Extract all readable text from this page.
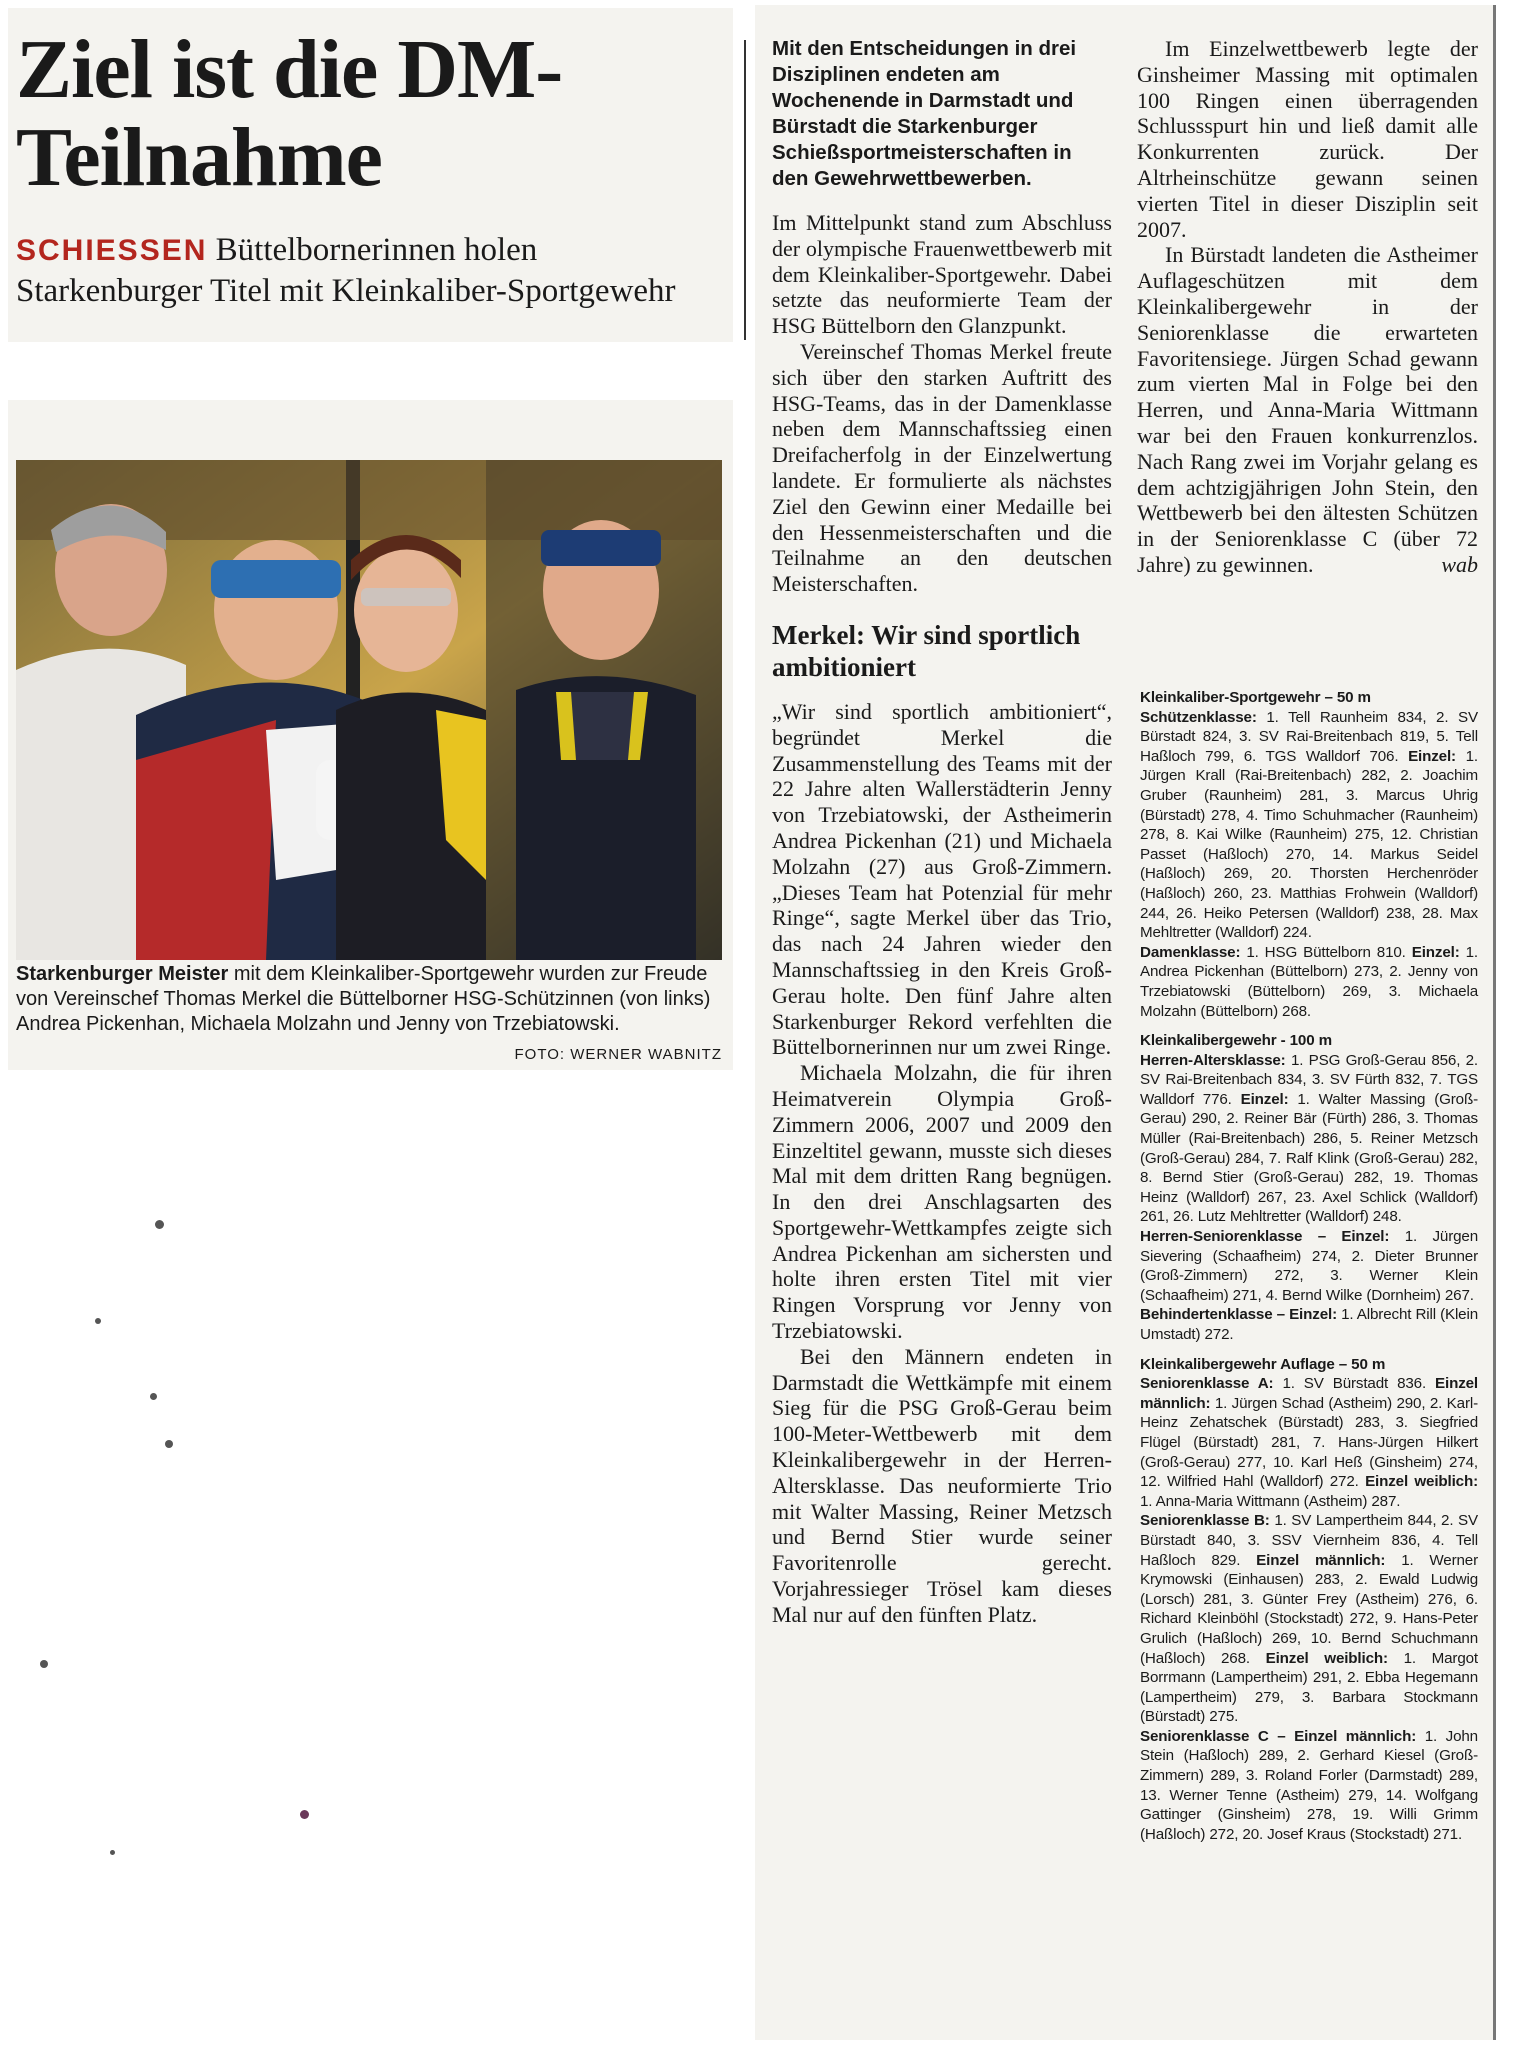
Ziel ist die DM-Teilnahme
SCHIESSEN Büttelbornerinnen holen Starkenburger Titel mit Kleinkaliber-Sportgewehr
Starkenburger Meister mit dem Kleinkaliber-Sportgewehr wurden zur Freude von Vereinschef Thomas Merkel die Büttelborner HSG-Schützinnen (von links) Andrea Pickenhan, Michaela Molzahn und Jenny von Trzebiatowski.
FOTO: WERNER WABNITZ

Mit den Entscheidungen in drei Disziplinen endeten am Wochenende in Darmstadt und Bürstadt die Starkenburger Schießsportmeisterschaften in den Gewehrwettbewerben.

Im Mittelpunkt stand zum Abschluss der olympische Frauenwettbewerb mit dem Kleinkaliber-Sportgewehr. Dabei setzte das neuformierte Team der HSG Büttelborn den Glanzpunkt.

Vereinschef Thomas Merkel freute sich über den starken Auftritt des HSG-Teams, das in der Damenklasse neben dem Mannschaftssieg einen Dreifacherfolg in der Einzelwertung landete. Er formulierte als nächstes Ziel den Gewinn einer Medaille bei den Hessenmeisterschaften und die Teilnahme an den deutschen Meisterschaften.

Merkel: Wir sind sportlich ambitioniert

„Wir sind sportlich ambitioniert“, begründet Merkel die Zusammenstellung des Teams mit der 22 Jahre alten Wallerstädterin Jenny von Trzebiatowski, der Astheimerin Andrea Pickenhan (21) und Michaela Molzahn (27) aus Groß-Zimmern. „Dieses Team hat Potenzial für mehr Ringe“, sagte Merkel über das Trio, das nach 24 Jahren wieder den Mannschaftssieg in den Kreis Groß-Gerau holte. Den fünf Jahre alten Starkenburger Rekord verfehlten die Büttelbornerinnen nur um zwei Ringe.

Michaela Molzahn, die für ihren Heimatverein Olympia Groß-Zimmern 2006, 2007 und 2009 den Einzeltitel gewann, musste sich dieses Mal mit dem dritten Rang begnügen. In den drei Anschlagsarten des Sportgewehr-Wettkampfes zeigte sich Andrea Pickenhan am sichersten und holte ihren ersten Titel mit vier Ringen Vorsprung vor Jenny von Trzebiatowski.

Bei den Männern endeten in Darmstadt die Wettkämpfe mit einem Sieg für die PSG Groß-Gerau beim 100-Meter-Wettbewerb mit dem Kleinkalibergewehr in der Herren-Altersklasse. Das neuformierte Trio mit Walter Massing, Reiner Metzsch und Bernd Stier wurde seiner Favoritenrolle gerecht. Vorjahressieger Trösel kam dieses Mal nur auf den fünften Platz.

Im Einzelwettbewerb legte der Ginsheimer Massing mit optimalen 100 Ringen einen überragenden Schlussspurt hin und ließ damit alle Konkurrenten zurück. Der Altrheinschütze gewann seinen vierten Titel in dieser Disziplin seit 2007.

In Bürstadt landeten die Astheimer Auflageschützen mit dem Kleinkalibergewehr in der Seniorenklasse die erwarteten Favoritensiege. Jürgen Schad gewann zum vierten Mal in Folge bei den Herren, und Anna-Maria Wittmann war bei den Frauen konkurrenzlos. Nach Rang zwei im Vorjahr gelang es dem achtzigjährigen John Stein, den Wettbewerb bei den ältesten Schützen in der Seniorenklasse C (über 72 Jahre) zu gewinnen.	wab

Kleinkaliber-Sportgewehr – 50 m
Schützenklasse: 1. Tell Raunheim 834, 2. SV Bürstadt 824, 3. SV Rai-Breitenbach 819, 5. Tell Haßloch 799, 6. TGS Walldorf 706. Einzel: 1. Jürgen Krall (Rai-Breitenbach) 282, 2. Joachim Gruber (Raunheim) 281, 3. Marcus Uhrig (Bürstadt) 278, 4. Timo Schuhmacher (Raunheim) 278, 8. Kai Wilke (Raunheim) 275, 12. Christian Passet (Haßloch) 270, 14. Markus Seidel (Haßloch) 269, 20. Thorsten Herchenröder (Haßloch) 260, 23. Matthias Frohwein (Walldorf) 244, 26. Heiko Petersen (Walldorf) 238, 28. Max Mehltretter (Walldorf) 224.
Damenklasse: 1. HSG Büttelborn 810. Einzel: 1. Andrea Pickenhan (Büttelborn) 273, 2. Jenny von Trzebiatowski (Büttelborn) 269, 3. Michaela Molzahn (Büttelborn) 268.
Kleinkalibergewehr - 100 m
Herren-Altersklasse: 1. PSG Groß-Gerau 856, 2. SV Rai-Breitenbach 834, 3. SV Fürth 832, 7. TGS Walldorf 776. Einzel: 1. Walter Massing (Groß-Gerau) 290, 2. Reiner Bär (Fürth) 286, 3. Thomas Müller (Rai-Breitenbach) 286, 5. Reiner Metzsch (Groß-Gerau) 284, 7. Ralf Klink (Groß-Gerau) 282, 8. Bernd Stier (Groß-Gerau) 282, 19. Thomas Heinz (Walldorf) 267, 23. Axel Schlick (Walldorf) 261, 26. Lutz Mehltretter (Walldorf) 248.
Herren-Seniorenklasse – Einzel: 1. Jürgen Sievering (Schaafheim) 274, 2. Dieter Brunner (Groß-Zimmern) 272, 3. Werner Klein (Schaafheim) 271, 4. Bernd Wilke (Dornheim) 267.
Behindertenklasse – Einzel: 1. Albrecht Rill (Klein Umstadt) 272.
Kleinkalibergewehr Auflage – 50 m
Seniorenklasse A: 1. SV Bürstadt 836. Einzel männlich: 1. Jürgen Schad (Astheim) 290, 2. Karl-Heinz Zehatschek (Bürstadt) 283, 3. Siegfried Flügel (Bürstadt) 281, 7. Hans-Jürgen Hilkert (Groß-Gerau) 277, 10. Karl Heß (Ginsheim) 274, 12. Wilfried Hahl (Walldorf) 272. Einzel weiblich: 1. Anna-Maria Wittmann (Astheim) 287.
Seniorenklasse B: 1. SV Lampertheim 844, 2. SV Bürstadt 840, 3. SSV Viernheim 836, 4. Tell Haßloch 829. Einzel männlich: 1. Werner Krymowski (Einhausen) 283, 2. Ewald Ludwig (Lorsch) 281, 3. Günter Frey (Astheim) 276, 6. Richard Kleinböhl (Stockstadt) 272, 9. Hans-Peter Grulich (Haßloch) 269, 10. Bernd Schuchmann (Haßloch) 268. Einzel weiblich: 1. Margot Borrmann (Lampertheim) 291, 2. Ebba Hegemann (Lampertheim) 279, 3. Barbara Stockmann (Bürstadt) 275.
Seniorenklasse C – Einzel männlich: 1. John Stein (Haßloch) 289, 2. Gerhard Kiesel (Groß-Zimmern) 289, 3. Roland Forler (Darmstadt) 289, 13. Werner Tenne (Astheim) 279, 14. Wolfgang Gattinger (Ginsheim) 278, 19. Willi Grimm (Haßloch) 272, 20. Josef Kraus (Stockstadt) 271.
